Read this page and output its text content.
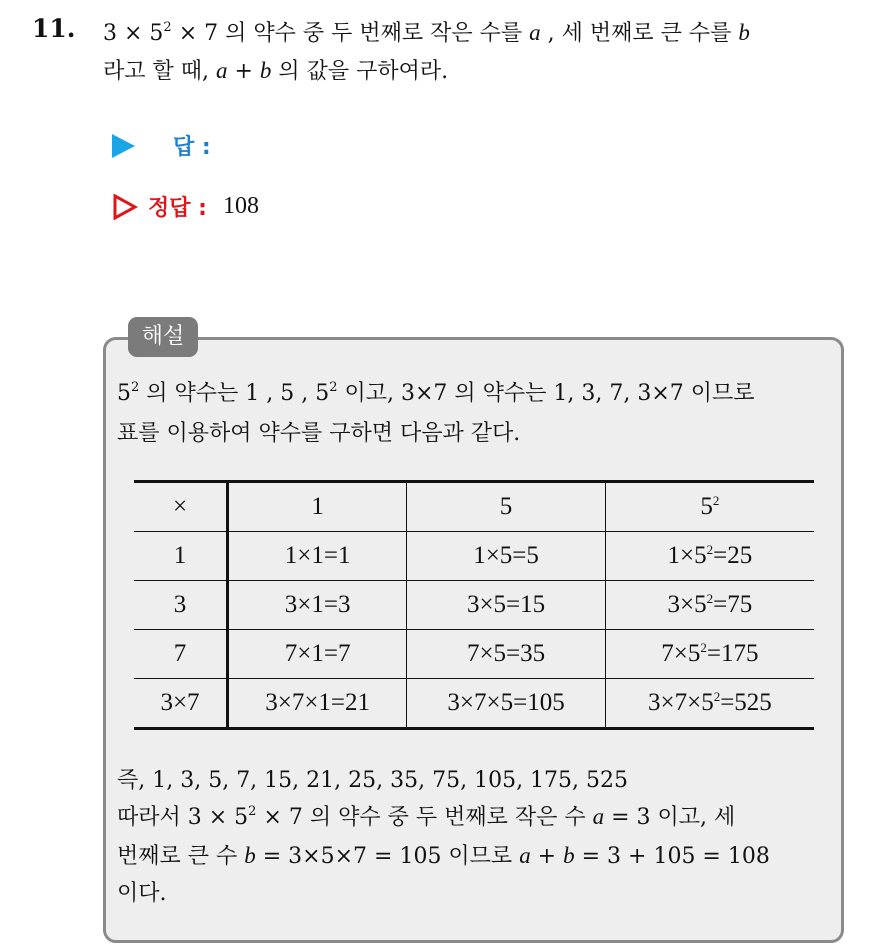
11. $3 \times 5^2 \times 7$ 의 약수 중 두 번째로 작은 수를 a , 세 번째로 큰 수를 b
라고 할 때, a + b 의 값을 구하여라.
답 :
정답 : 108
해설
$5^2$ 의 약수는 1 , 5 , $5^2$ 이고, 3×7 의 약수는 1, 3, 7, 3×7 이므로
표를 이용하여 약수를 구하면 다음과 같다.
×	1	5	$5^2$
1	1×1=1	1×5=5	$1\times 5^2=25$
3	3×1=3	3×5=15	$3\times 5^2=75$
7	7×1=7	7×5=35	$7\times 5^2=175$
3×7	3×7×1=21	3×7×5=105	$3\times 7\times 5^2=525$
즉, 1, 3, 5, 7, 15, 21, 25, 35, 75, 105, 175, 525
따라서 $3 \times 5^2 \times 7$ 의 약수 중 두 번째로 작은 수 a = 3 이고, 세
번째로 큰 수 b = 3×5×7 = 105 이므로 a + b = 3 + 105 = 108
이다.
